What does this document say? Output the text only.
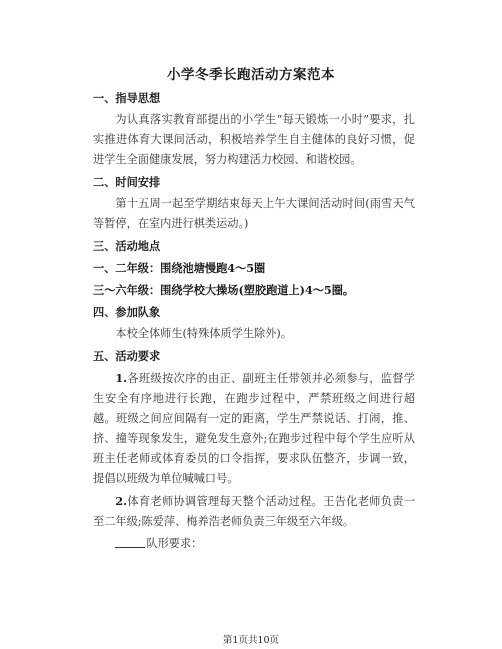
小学冬季长跑活动方案范本
一、指导思想
为认真落实教育部提出的小学生“每天锻炼一小时”要求，扎实推进体育大课间活动，积极培养学生自主健体的良好习惯，促进学生全面健康发展，努力构建活力校园、和谐校园。
二、时间安排
第十五周一起至学期结束每天上午大课间活动时间(雨雪天气等暂停，在室内进行棋类运动。)
三、活动地点
一、二年级：围绕池塘慢跑4～5圈
三～六年级：围绕学校大操场(塑胶跑道上)4～5圈。
四、参加队象
本校全体师生(特殊体质学生除外)。
五、活动要求
1.各班级按次序的由正、副班主任带领并必须参与，监督学生安全有序地进行长跑，在跑步过程中，严禁班级之间进行超越。班级之间应间隔有一定的距离，学生严禁说话、打闹，推、挤、撞等现象发生，避免发生意外;在跑步过程中每个学生应听从班主任老师或体育委员的口令指挥，要求队伍整齐，步调一致，提倡以班级为单位喊喊口号。
2.体育老师协调管理每天整个活动过程。王告化老师负责一至二年级;陈爱萍、梅养浩老师负责三年级至六年级。
队形要求：
第1页共10页
